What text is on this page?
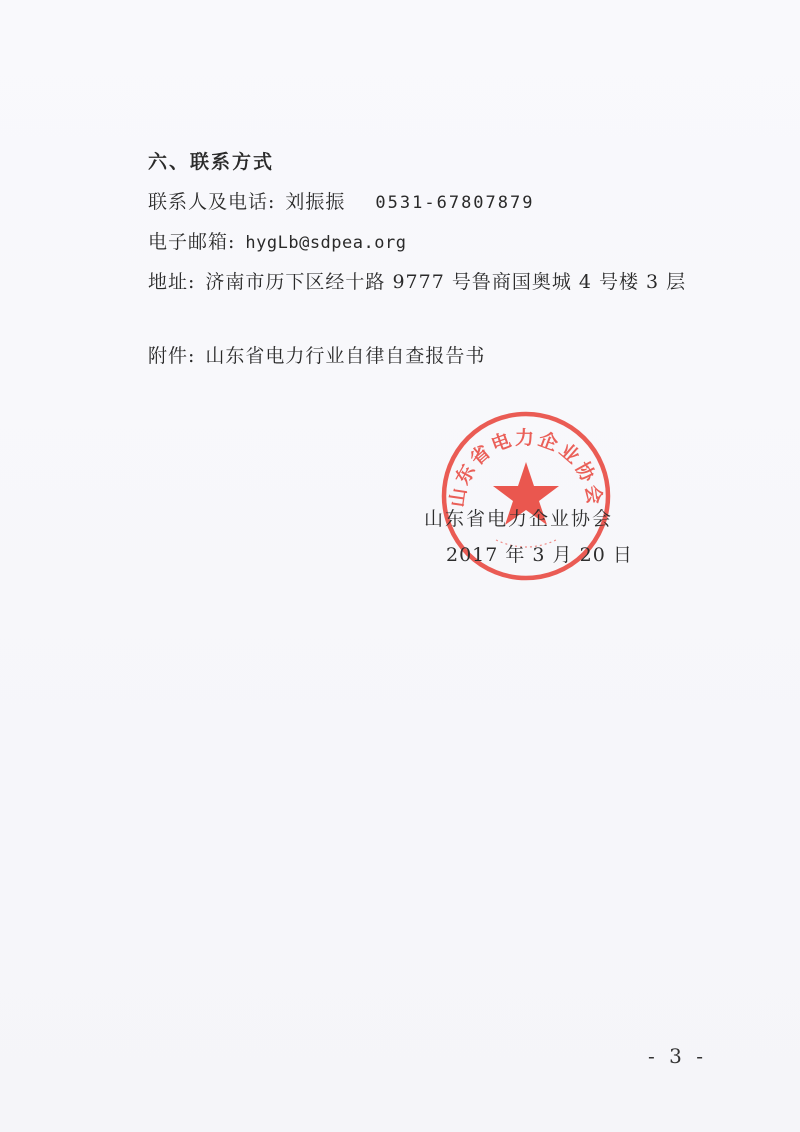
六、联系方式
联系人及电话: 刘振振 0531-67807879
电子邮箱: hygLb@sdpea.org
地址: 济南市历下区经十路 9777 号鲁商国奥城 4 号楼 3 层
附件: 山东省电力行业自律自查报告书
山东省电力企业协会
山东省电力企业协会
2017 年 3 月 20 日
- 3 -
